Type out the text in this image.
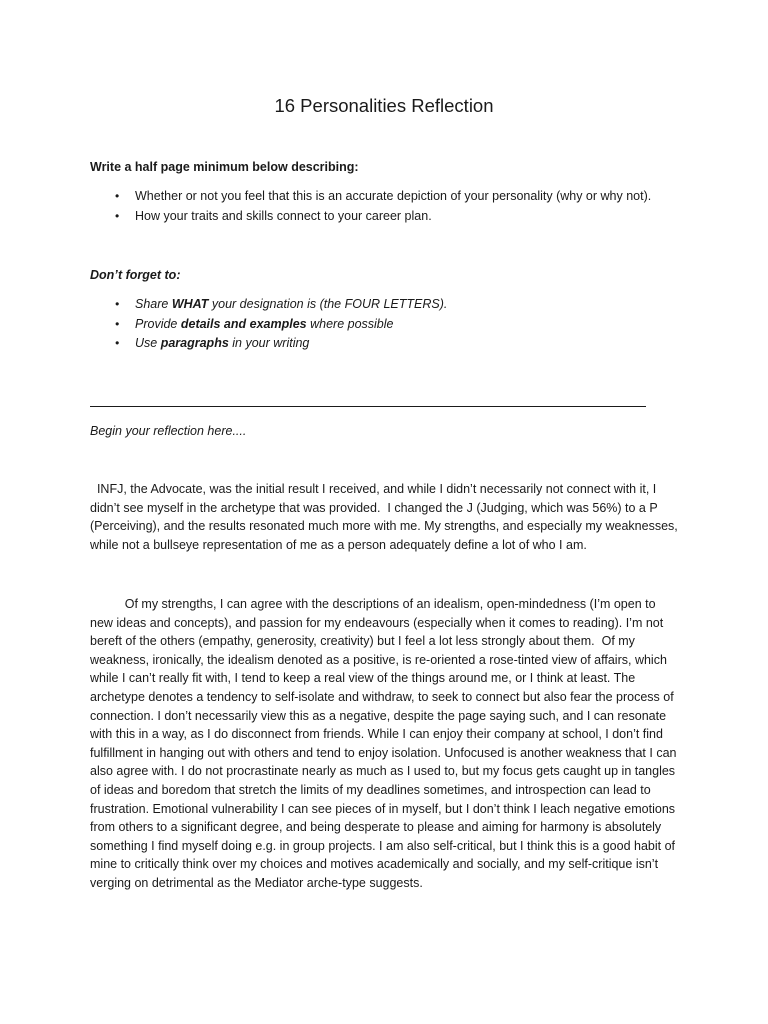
16 Personalities Reflection

Write a half page minimum below describing:

• Whether or not you feel that this is an accurate depiction of your personality (why or why not).
• How your traits and skills connect to your career plan.

Don’t forget to:

• Share WHAT your designation is (the FOUR LETTERS).
• Provide details and examples where possible
• Use paragraphs in your writing

Begin your reflection here....

INFJ, the Advocate, was the initial result I received, and while I didn’t necessarily not connect with it, I didn’t see myself in the archetype that was provided.  I changed the J (Judging, which was 56%) to a P (Perceiving), and the results resonated much more with me. My strengths, and especially my weaknesses, while not a bullseye representation of me as a person adequately define a lot of who I am.

Of my strengths, I can agree with the descriptions of an idealism, open-mindedness (I’m open to new ideas and concepts), and passion for my endeavours (especially when it comes to reading). I’m not bereft of the others (empathy, generosity, creativity) but I feel a lot less strongly about them.  Of my weakness, ironically, the idealism denoted as a positive, is re-oriented a rose-tinted view of affairs, which while I can’t really fit with, I tend to keep a real view of the things around me, or I think at least. The archetype denotes a tendency to self-isolate and withdraw, to seek to connect but also fear the process of connection. I don’t necessarily view this as a negative, despite the page saying such, and I can resonate with this in a way, as I do disconnect from friends. While I can enjoy their company at school, I don’t find fulfillment in hanging out with others and tend to enjoy isolation. Unfocused is another weakness that I can also agree with. I do not procrastinate nearly as much as I used to, but my focus gets caught up in tangles of ideas and boredom that stretch the limits of my deadlines sometimes, and introspection can lead to frustration. Emotional vulnerability I can see pieces of in myself, but I don’t think I leach negative emotions from others to a significant degree, and being desperate to please and aiming for harmony is absolutely something I find myself doing e.g. in group projects. I am also self-critical, but I think this is a good habit of mine to critically think over my choices and motives academically and socially, and my self-critique isn’t verging on detrimental as the Mediator arche-type suggests.
